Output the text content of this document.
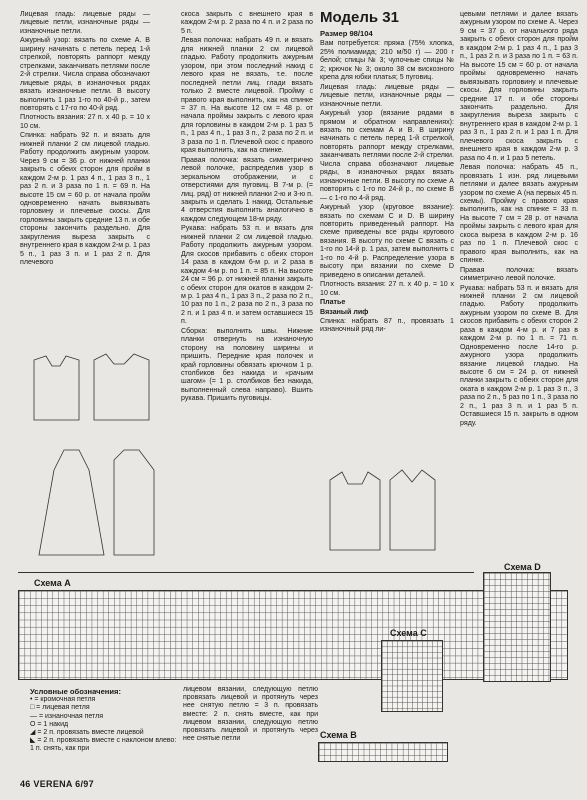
Лицевая гладь: лицевые ряды — лицевые петли, изнаночные ряды — изнаночные петли.

Ажурный узор: вязать по схеме А. В ширину начинать с петель перед 1-й стрелкой, повторять раппорт между стрелками, заканчивать петлями после 2-й стрелки. Числа справа обозначают лицевые ряды, в изнаночных рядах вязать изнаночные петли. В высоту выполнить 1 раз 1-го по 40-й р., затем повторять с 17-го по 40-й ряд.

Плотность вязания: 27 п. х 40 р. = 10 х 10 см.

Спинка: набрать 92 п. и вязать для нижней планки 2 см лицевой гладью. Работу продолжить ажурным узором. Через 9 см = 36 р. от нижней планки закрыть с обеих сторон для пройм в каждом 2-м р. 1 раз 4 п., 1 раз 3 п., 1 раз 2 п. и 3 раза по 1 п. = 69 п. На высоте 15 см = 60 р. от начала пройм одновременно начать вывязывать горловину и плечевые скосы. Для горловины закрыть средние 13 п. и обе стороны закончить раздельно. Для закругления выреза закрыть с внутреннего края в каждом 2-м р. 1 раз 5 п., 1 раз 3 п. и 1 раз 2 п. Для плечевого

скоса закрыть с внешнего края в каждом 2-м р. 2 раза по 4 п. и 2 раза по 5 п.

Левая полочка: набрать 49 п. и вязать для нижней планки 2 см лицевой гладью. Работу продолжить ажурным узором, при этом последний накид с левого края не вязать, т.е. после последней петли лиц. глади вязать только 2 вместе лицевой. Пройму с правого края выполнить, как на спинке = 37 п. На высоте 12 см = 48 р. от начала проймы закрыть с левого края для горловины в каждом 2-м р. 1 раз 5 п., 1 раз 4 п., 1 раз 3 п., 2 раза по 2 п. и 3 раза по 1 п. Плечевой скос с правого края выполнить, как на спинке.

Правая полочка: вязать симметрично левой полочке, распределив узор в зеркальном отображении, и с отверстиями для пуговиц. В 7-м р. (= лиц. ряд) от нижней планки 2-ю и 3-ю п. закрыть и сделать 1 накид. Остальные 4 отверстия выполнить аналогично в каждом следующем 18-м ряду.

Рукава: набрать 53 п. и вязать для нижней планки 2 см лицевой гладью. Работу продолжить ажурным узором. Для скосов прибавить с обеих сторон 14 раза в каждом 6-м р. и 2 раза в каждом 4-м р. по 1 п. = 85 п. На высоте 24 см = 96 р. от нижней планки закрыть с обеих сторон для окатов в каждом 2-м р. 1 раз 4 п., 1 раз 3 п., 2 раза по 2 п., 10 раз по 1 п., 2 раза по 2 п., 3 раза по 2 п. и 1 раз 4 п. и затем оставшиеся 15 п.

Сборка: выполнить швы. Нижние планки отвернуть на изнаночную сторону на половину ширины и пришить. Передние края полочек и край горловины обвязать крючком 1 р. столбиков без накида и «рачьим шагом» (= 1 р. столбиков без накида, выполненный слева направо). Вшить рукава. Пришить пуговицы.

Модель 31

Размер 98/104

Вам потребуется: пряжа (75% хлопка, 25% полиамида; 210 м/50 г) — 200 г белой; спицы № 3; чулочные спицы № 2; крючок № 3; около 38 см вискозного крепа для юбки платья; 5 пуговиц.

Лицевая гладь: лицевые ряды — лицевые петли, изнаночные ряды — изнаночные петли.

Ажурный узор (вязание рядами в прямом и обратном направлениях): вязать по схемам А и В. В ширину начинать с петель перед 1-й стрелкой, повторять раппорт между стрелками, заканчивать петлями после 2-й стрелки. Числа справа обозначают лицевые ряды, в изнаночных рядах вязать изнаночные петли. В высоту по схеме А повторить с 1-го по 24-й р., по схеме В — с 1-го по 4-й ряд.

Ажурный узор (круговое вязание): вязать по схемам С и D. В ширину повторить приведенный раппорт. На схеме приведены все ряды кругового вязания. В высоту по схеме С вязать с 1-го по 14-й р. 1 раз, затем выполнить с 1-го по 4-й р. Распределение узора в высоту при вязании по схеме D приведено в описании деталей.

Плотность вязания: 27 п. х 40 р. = 10 х 10 см.

Платье

Вязаный лиф

Спинка: набрать 87 п., провязать 1 изнаночный ряд ли-

цевыми петлями и далее вязать ажурным узором по схеме А. Через 9 см = 37 р. от начального ряда закрыть с обеих сторон для пройм в каждом 2-м р. 1 раз 4 п., 1 раз 3 п., 1 раз 2 п. и 3 раза по 1 п. = 63 п. На высоте 15 см = 60 р. от начала проймы одновременно начать вывязывать горловину и плечевые скосы. Для горловины закрыть средние 17 п. и обе стороны закончить раздельно. Для закругления выреза закрыть с внутреннего края в каждом 2-м р. 1 раз 3 п., 1 раз 2 п. и 1 раз 1 п. Для плечевого скоса закрыть с внешнего края в каждом 2-м р. 3 раза по 4 п. и 1 раз 5 петель.

Левая полочка: набрать 45 п., провязать 1 изн. ряд лицевыми петлями и далее вязать ажурным узором по схеме А (на первых 45 п. схемы). Пройму с правого края выполнить, как на спинке = 33 п. На высоте 7 см = 28 р. от начала проймы закрыть с левого края для скоса выреза в каждом 2-м р. 16 раз по 1 п. Плечевой скос с правого края выполнить, как на спинке.

Правая полочка: вязать симметрично левой полочке.

Рукава: набрать 53 п. и вязать для нижней планки 2 см лицевой гладью. Работу продолжить ажурным узором по схеме В. Для скосов прибавить с обеих сторон 2 раза в каждом 4-м р. и 7 раз в каждом 2-м р. по 1 п. = 71 п. Одновременно после 14-го р. ажурного узора продолжить вязание лицевой гладью. На высоте 6 см = 24 р. от нижней планки закрыть с обеих сторон для оката в каждом 2-м р. 1 раз 3 п., 3 раза по 2 п., 5 раз по 1 п., 3 раза по 2 п., 1 раз 3 п. и 1 раз 5 п. Оставшиеся 15 п. закрыть в одном ряду.

Схема А
Схема D
Схема С
Схема В
Условные обозначения:
• = кромочная петля
□ = лицевая петля
— = изнаночная петля
O = 1 накид
◢ = 2 п. провязать вместе лицевой
◣ = 2 п. провязать вместе с наклоном влево: 1 п. снять, как при
лицевом вязании, следующую петлю провязать лицевой и протянуть через нее снятую петлю = 3 п. провязать вместе: 2 п. снять вместе, как при лицевом вязании, следующую петлю провязать лицевой и протянуть через нее снятые петли
46 VERENA 6/97
